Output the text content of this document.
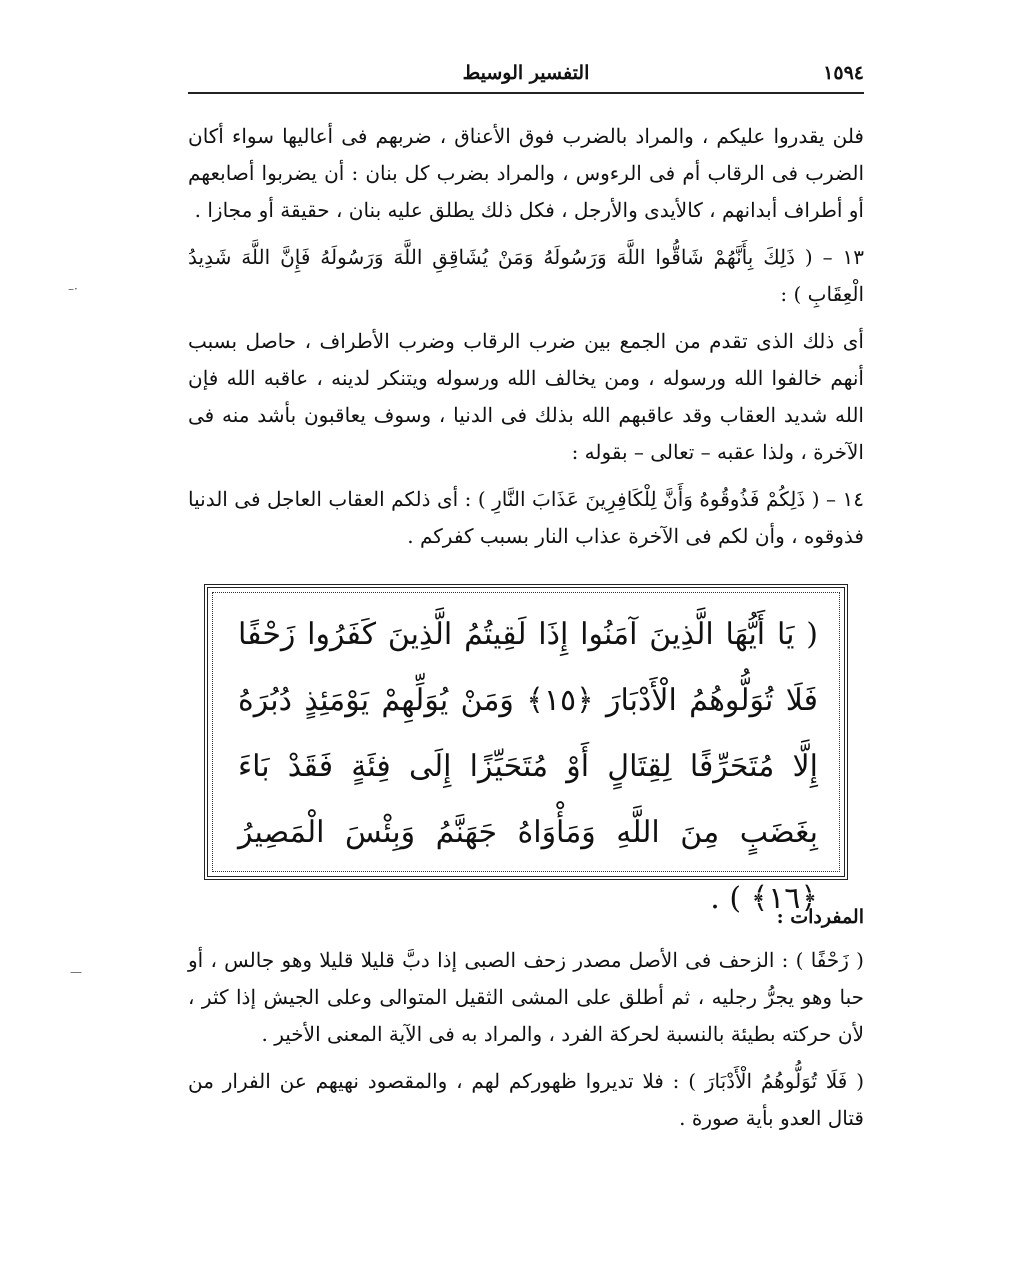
١٥٩٤
التفسير الوسيط

فلن يقدروا عليكم ، والمراد بالضرب فوق الأعناق ، ضربهم فى أعاليها سواء أكان الضرب فى الرقاب أم فى الرءوس ، والمراد بضرب كل بنان : أن يضربوا أصابعهم أو أطراف أبدانهم ، كالأيدى والأرجل ، فكل ذلك يطلق عليه بنان ، حقيقة أو مجازا .

١٣ – ( ذَلِكَ بِأَنَّهُمْ شَاقُّوا اللَّهَ وَرَسُولَهُ وَمَنْ يُشَاقِقِ اللَّهَ وَرَسُولَهُ فَإِنَّ اللَّهَ شَدِيدُ الْعِقَابِ ) :

أى ذلك الذى تقدم من الجمع بين ضرب الرقاب وضرب الأطراف ، حاصل بسبب أنهم خالفوا الله ورسوله ، ومن يخالف الله ورسوله ويتنكر لدينه ، عاقبه الله فإن الله شديد العقاب وقد عاقبهم الله بذلك فى الدنيا ، وسوف يعاقبون بأشد منه فى الآخرة ، ولذا عقبه – تعالى – بقوله :

١٤ – ( ذَلِكُمْ فَذُوقُوهُ وَأَنَّ لِلْكَافِرِينَ عَذَابَ النَّارِ ) : أى ذلكم العقاب العاجل فى الدنيا فذوقوه ، وأن لكم فى الآخرة عذاب النار بسبب كفركم .

( يَا أَيُّهَا الَّذِينَ آمَنُوا إِذَا لَقِيتُمُ الَّذِينَ كَفَرُوا زَحْفًا فَلَا تُوَلُّوهُمُ الْأَدْبَارَ ﴿١٥﴾ وَمَنْ يُوَلِّهِمْ يَوْمَئِذٍ دُبُرَهُ إِلَّا مُتَحَرِّفًا لِقِتَالٍ أَوْ مُتَحَيِّزًا إِلَى فِئَةٍ فَقَدْ بَاءَ بِغَضَبٍ مِنَ اللَّهِ وَمَأْوَاهُ جَهَنَّمُ وَبِئْسَ الْمَصِيرُ ﴿١٦﴾ ) .

المفردات :

( زَحْفًا ) : الزحف فى الأصل مصدر زحف الصبى إذا دبَّ قليلا قليلا وهو جالس ، أو حبا وهو يجرُّ رجليه ، ثم أطلق على المشى الثقيل المتوالى وعلى الجيش إذا كثر ، لأن حركته بطيئة بالنسبة لحركة الفرد ، والمراد به فى الآية المعنى الأخير .

( فَلَا تُوَلُّوهُمُ الْأَدْبَارَ ) : فلا تديروا ظهوركم لهم ، والمقصود نهيهم عن الفرار من قتال العدو بأية صورة .

–·
—
